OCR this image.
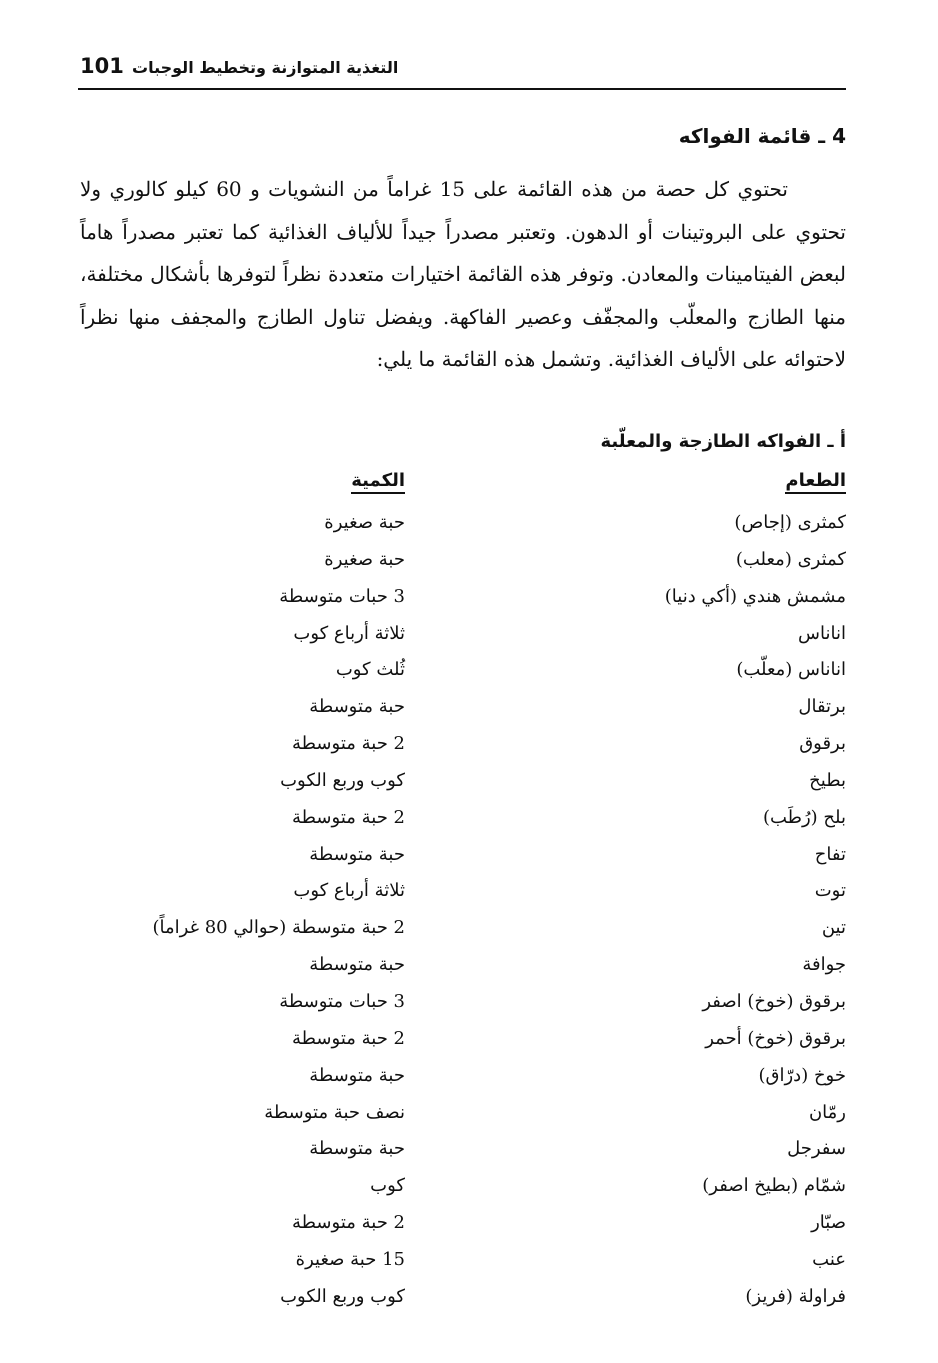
101 التغذية المتوازنة وتخطيط الوجبات
4 ـ قائمة الفواكه

تحتوي كل حصة من هذه القائمة على 15 غراماً من النشويات و 60 كيلو كالوري ولا تحتوي على البروتينات أو الدهون. وتعتبر مصدراً جيداً للألياف الغذائية كما تعتبر مصدراً هاماً لبعض الفيتامينات والمعادن. وتوفر هذه القائمة اختيارات متعددة نظراً لتوفرها بأشكال مختلفة، منها الطازج والمعلّب والمجفّف وعصير الفاكهة. ويفضل تناول الطازج والمجفف منها نظراً لاحتوائه على الألياف الغذائية. وتشمل هذه القائمة ما يلي:

أ ـ الفواكه الطازجة والمعلّبة
الطعام
الكمية
كمثرى (إجاص)
حبة صغيرة
كمثرى (معلب)
حبة صغيرة
مشمش هندي (أكي دنيا)
3 حبات متوسطة
اناناس
ثلاثة أرباع كوب
اناناس (معلّب)
ثُلث كوب
برتقال
حبة متوسطة
برقوق
2 حبة متوسطة
بطيخ
كوب وربع الكوب
بلح (رُطَب)
2 حبة متوسطة
تفاح
حبة متوسطة
توت
ثلاثة أرباع كوب
تين
2 حبة متوسطة (حوالي 80 غراماً)
جوافة
حبة متوسطة
برقوق (خوخ) اصفر
3 حبات متوسطة
برقوق (خوخ) أحمر
2 حبة متوسطة
خوخ (درّاق)
حبة متوسطة
رمّان
نصف حبة متوسطة
سفرجل
حبة متوسطة
شمّام (بطيخ اصفر)
كوب
صبّار
2 حبة متوسطة
عنب
15 حبة صغيرة
فراولة (فريز)
كوب وربع الكوب
